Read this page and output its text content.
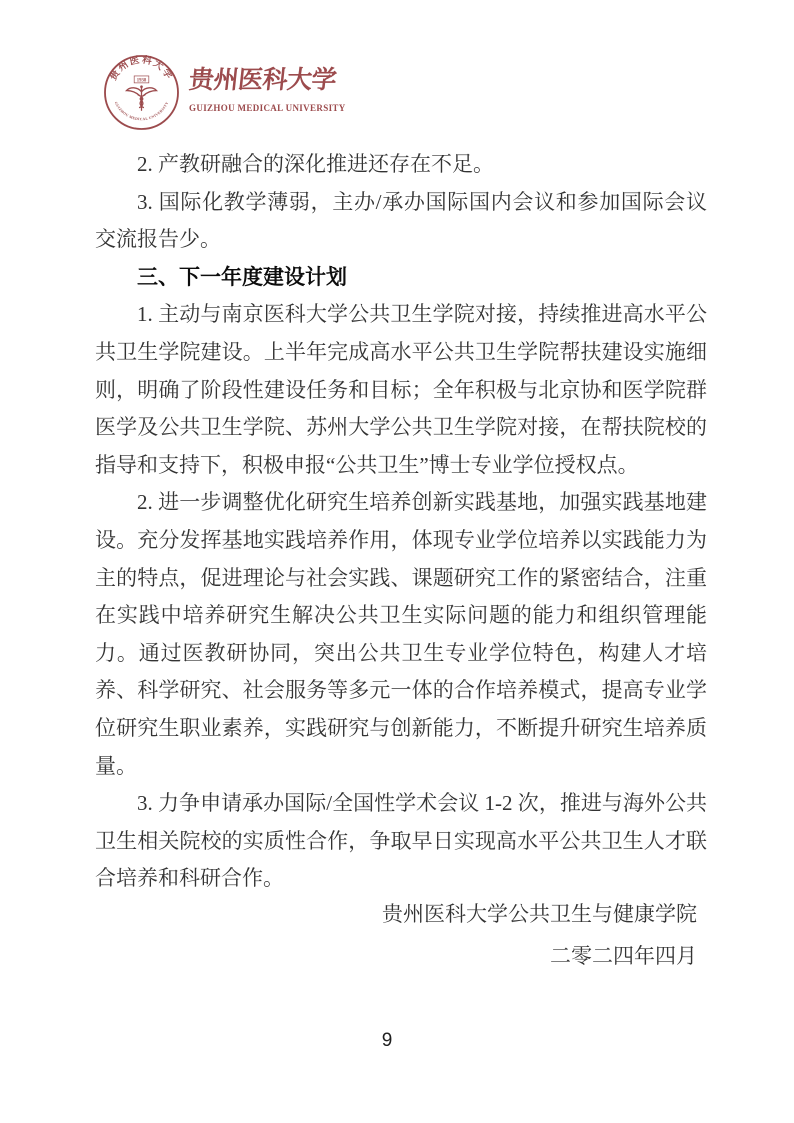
贵州医科大学
1938
GUIZHOU MEDICAL UNIVERSITY
贵州医科大学
GUIZHOU MEDICAL UNIVERSITY

2. 产教研融合的深化推进还存在不足。

3. 国际化教学薄弱，主办/承办国际国内会议和参加国际会议交流报告少。

三、下一年度建设计划

1. 主动与南京医科大学公共卫生学院对接，持续推进高水平公共卫生学院建设。上半年完成高水平公共卫生学院帮扶建设实施细则，明确了阶段性建设任务和目标；全年积极与北京协和医学院群医学及公共卫生学院、苏州大学公共卫生学院对接，在帮扶院校的指导和支持下，积极申报“公共卫生”博士专业学位授权点。

2. 进一步调整优化研究生培养创新实践基地，加强实践基地建设。充分发挥基地实践培养作用，体现专业学位培养以实践能力为主的特点，促进理论与社会实践、课题研究工作的紧密结合，注重在实践中培养研究生解决公共卫生实际问题的能力和组织管理能力。通过医教研协同，突出公共卫生专业学位特色，构建人才培养、科学研究、社会服务等多元一体的合作培养模式，提高专业学位研究生职业素养，实践研究与创新能力，不断提升研究生培养质量。

3. 力争申请承办国际/全国性学术会议 1-2 次，推进与海外公共卫生相关院校的实质性合作，争取早日实现高水平公共卫生人才联合培养和科研合作。

贵州医科大学公共卫生与健康学院
二零二四年四月
9
